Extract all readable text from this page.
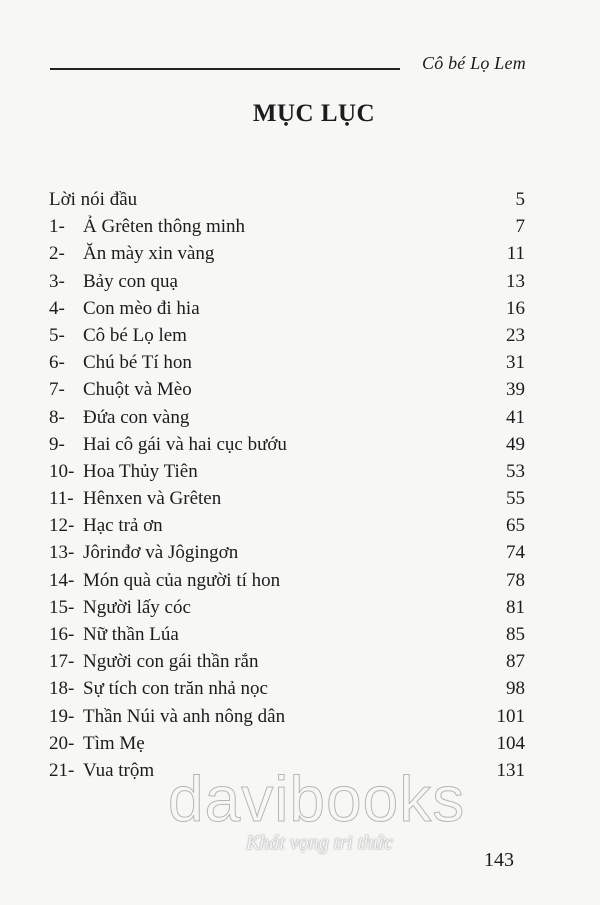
Cô bé Lọ Lem
MỤC LỤC
Lời nói đầu	5
1- Ả Grêten thông minh	7
2- Ăn mày xin vàng	11
3- Bảy con quạ	13
4- Con mèo đi hia	16
5- Cô bé Lọ lem	23
6- Chú bé Tí hon	31
7- Chuột và Mèo	39
8- Đứa con vàng	41
9- Hai cô gái và hai cục bướu	49
10- Hoa Thủy Tiên	53
11- Hênxen và Grêten	55
12- Hạc trả ơn	65
13- Jôrinđơ và Jôgingơn	74
14- Món quà của người tí hon	78
15- Người lấy cóc	81
16- Nữ thần Lúa	85
17- Người con gái thần rắn	87
18- Sự tích con trăn nhả nọc	98
19- Thần Núi và anh nông dân	101
20- Tìm Mẹ	104
21- Vua trộm	131
davibooks
Khát vọng tri thức
143
